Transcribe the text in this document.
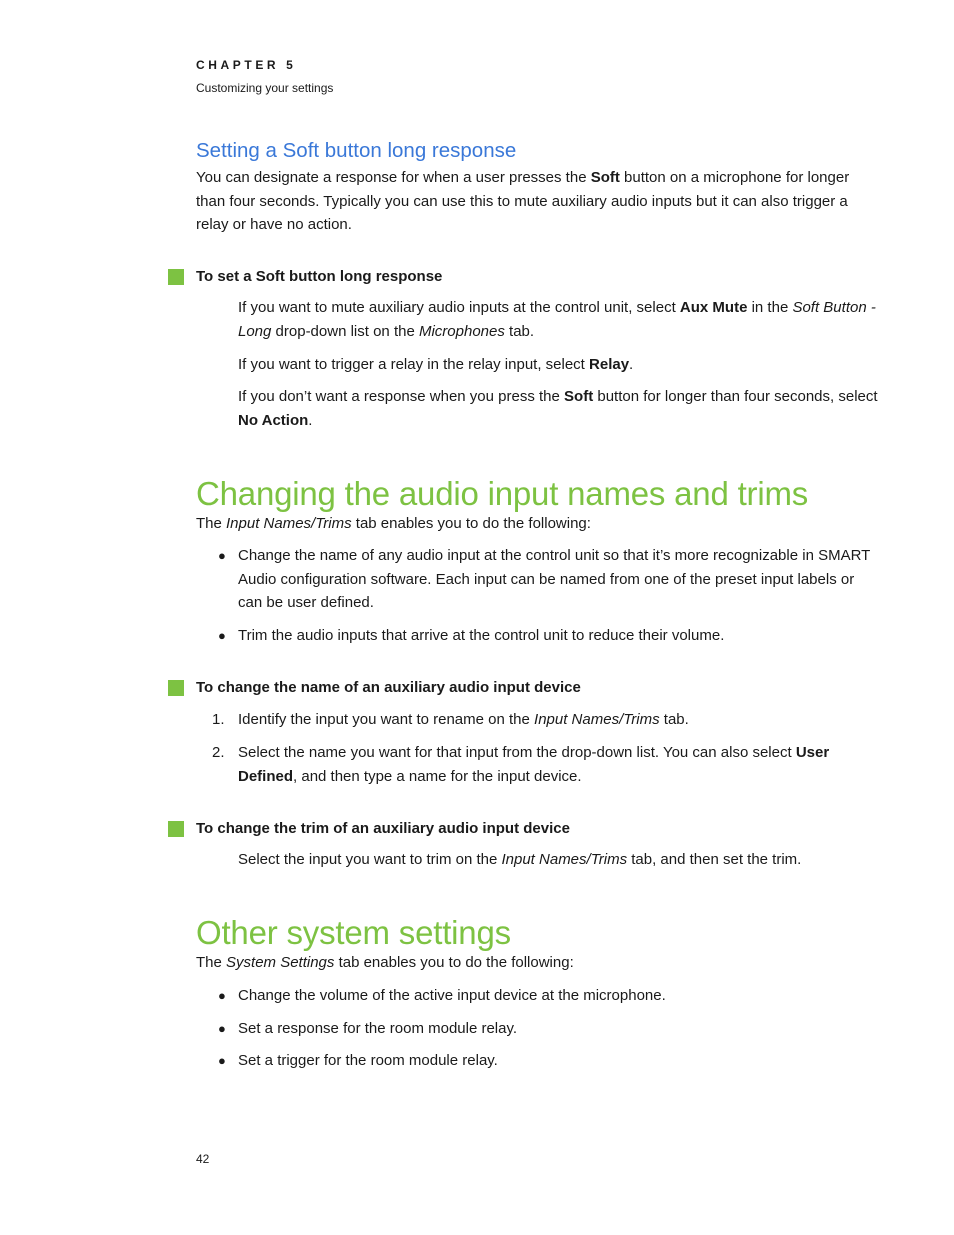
CHAPTER 5
Customizing your settings
Setting a Soft button long response

You can designate a response for when a user presses the Soft button on a microphone for longer than four seconds. Typically you can use this to mute auxiliary audio inputs but it can also trigger a relay or have no action.

To set a Soft button long response

If you want to mute auxiliary audio inputs at the control unit, select Aux Mute in the Soft Button - Long drop-down list on the Microphones tab.

If you want to trigger a relay in the relay input, select Relay.

If you don’t want a response when you press the Soft button for longer than four seconds, select No Action.

Changing the audio input names and trims

The Input Names/Trims tab enables you to do the following:

● Change the name of any audio input at the control unit so that it’s more recognizable in SMART Audio configuration software. Each input can be named from one of the preset input labels or can be user defined.
● Trim the audio inputs that arrive at the control unit to reduce their volume.
To change the name of an auxiliary audio input device
1. Identify the input you want to rename on the Input Names/Trims tab.
2. Select the name you want for that input from the drop-down list. You can also select User Defined, and then type a name for the input device.
To change the trim of an auxiliary audio input device

Select the input you want to trim on the Input Names/Trims tab, and then set the trim.

Other system settings

The System Settings tab enables you to do the following:

● Change the volume of the active input device at the microphone.
● Set a response for the room module relay.
● Set a trigger for the room module relay.
42
